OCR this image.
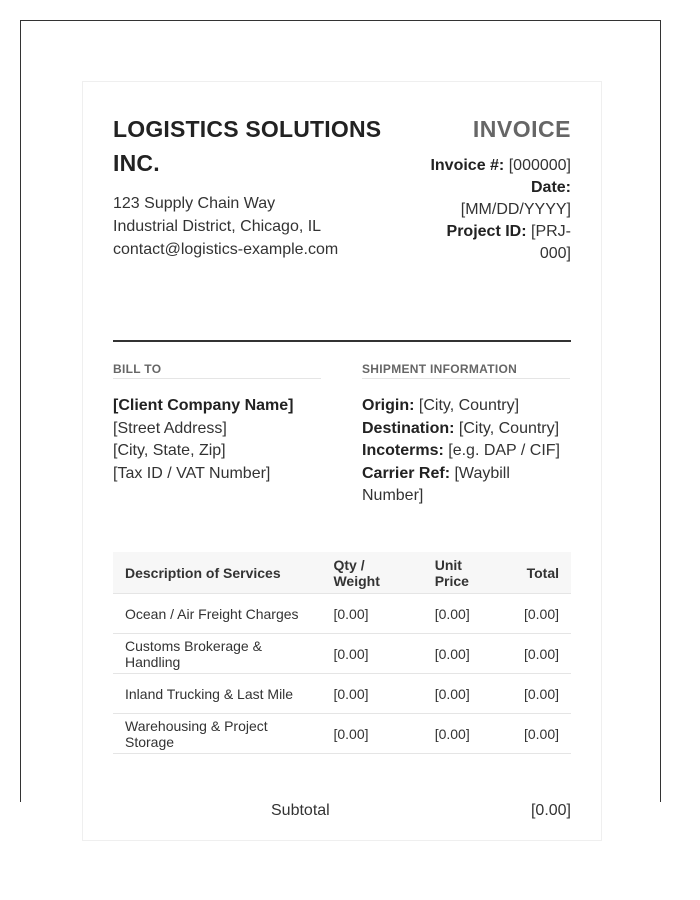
LOGISTICS SOLUTIONS
INC.
123 Supply Chain Way
Industrial District, Chicago, IL
contact@logistics-example.com
INVOICE
Invoice #: [000000]
Date:
[MM/DD/YYYY]
Project ID: [PRJ-
000]
BILL TO
[Client Company Name]
[Street Address]
[City, State, Zip]
[Tax ID / VAT Number]
SHIPMENT INFORMATION
Origin: [City, Country]
Destination: [City, Country]
Incoterms: [e.g. DAP / CIF]
Carrier Ref: [Waybill
Number]
Description of Services	Qty / Weight	Unit Price	Total
Ocean / Air Freight Charges	[0.00]	[0.00]	[0.00]
Customs Brokerage & Handling	[0.00]	[0.00]	[0.00]
Inland Trucking & Last Mile	[0.00]	[0.00]	[0.00]
Warehousing & Project Storage	[0.00]	[0.00]	[0.00]
Subtotal	[0.00]
